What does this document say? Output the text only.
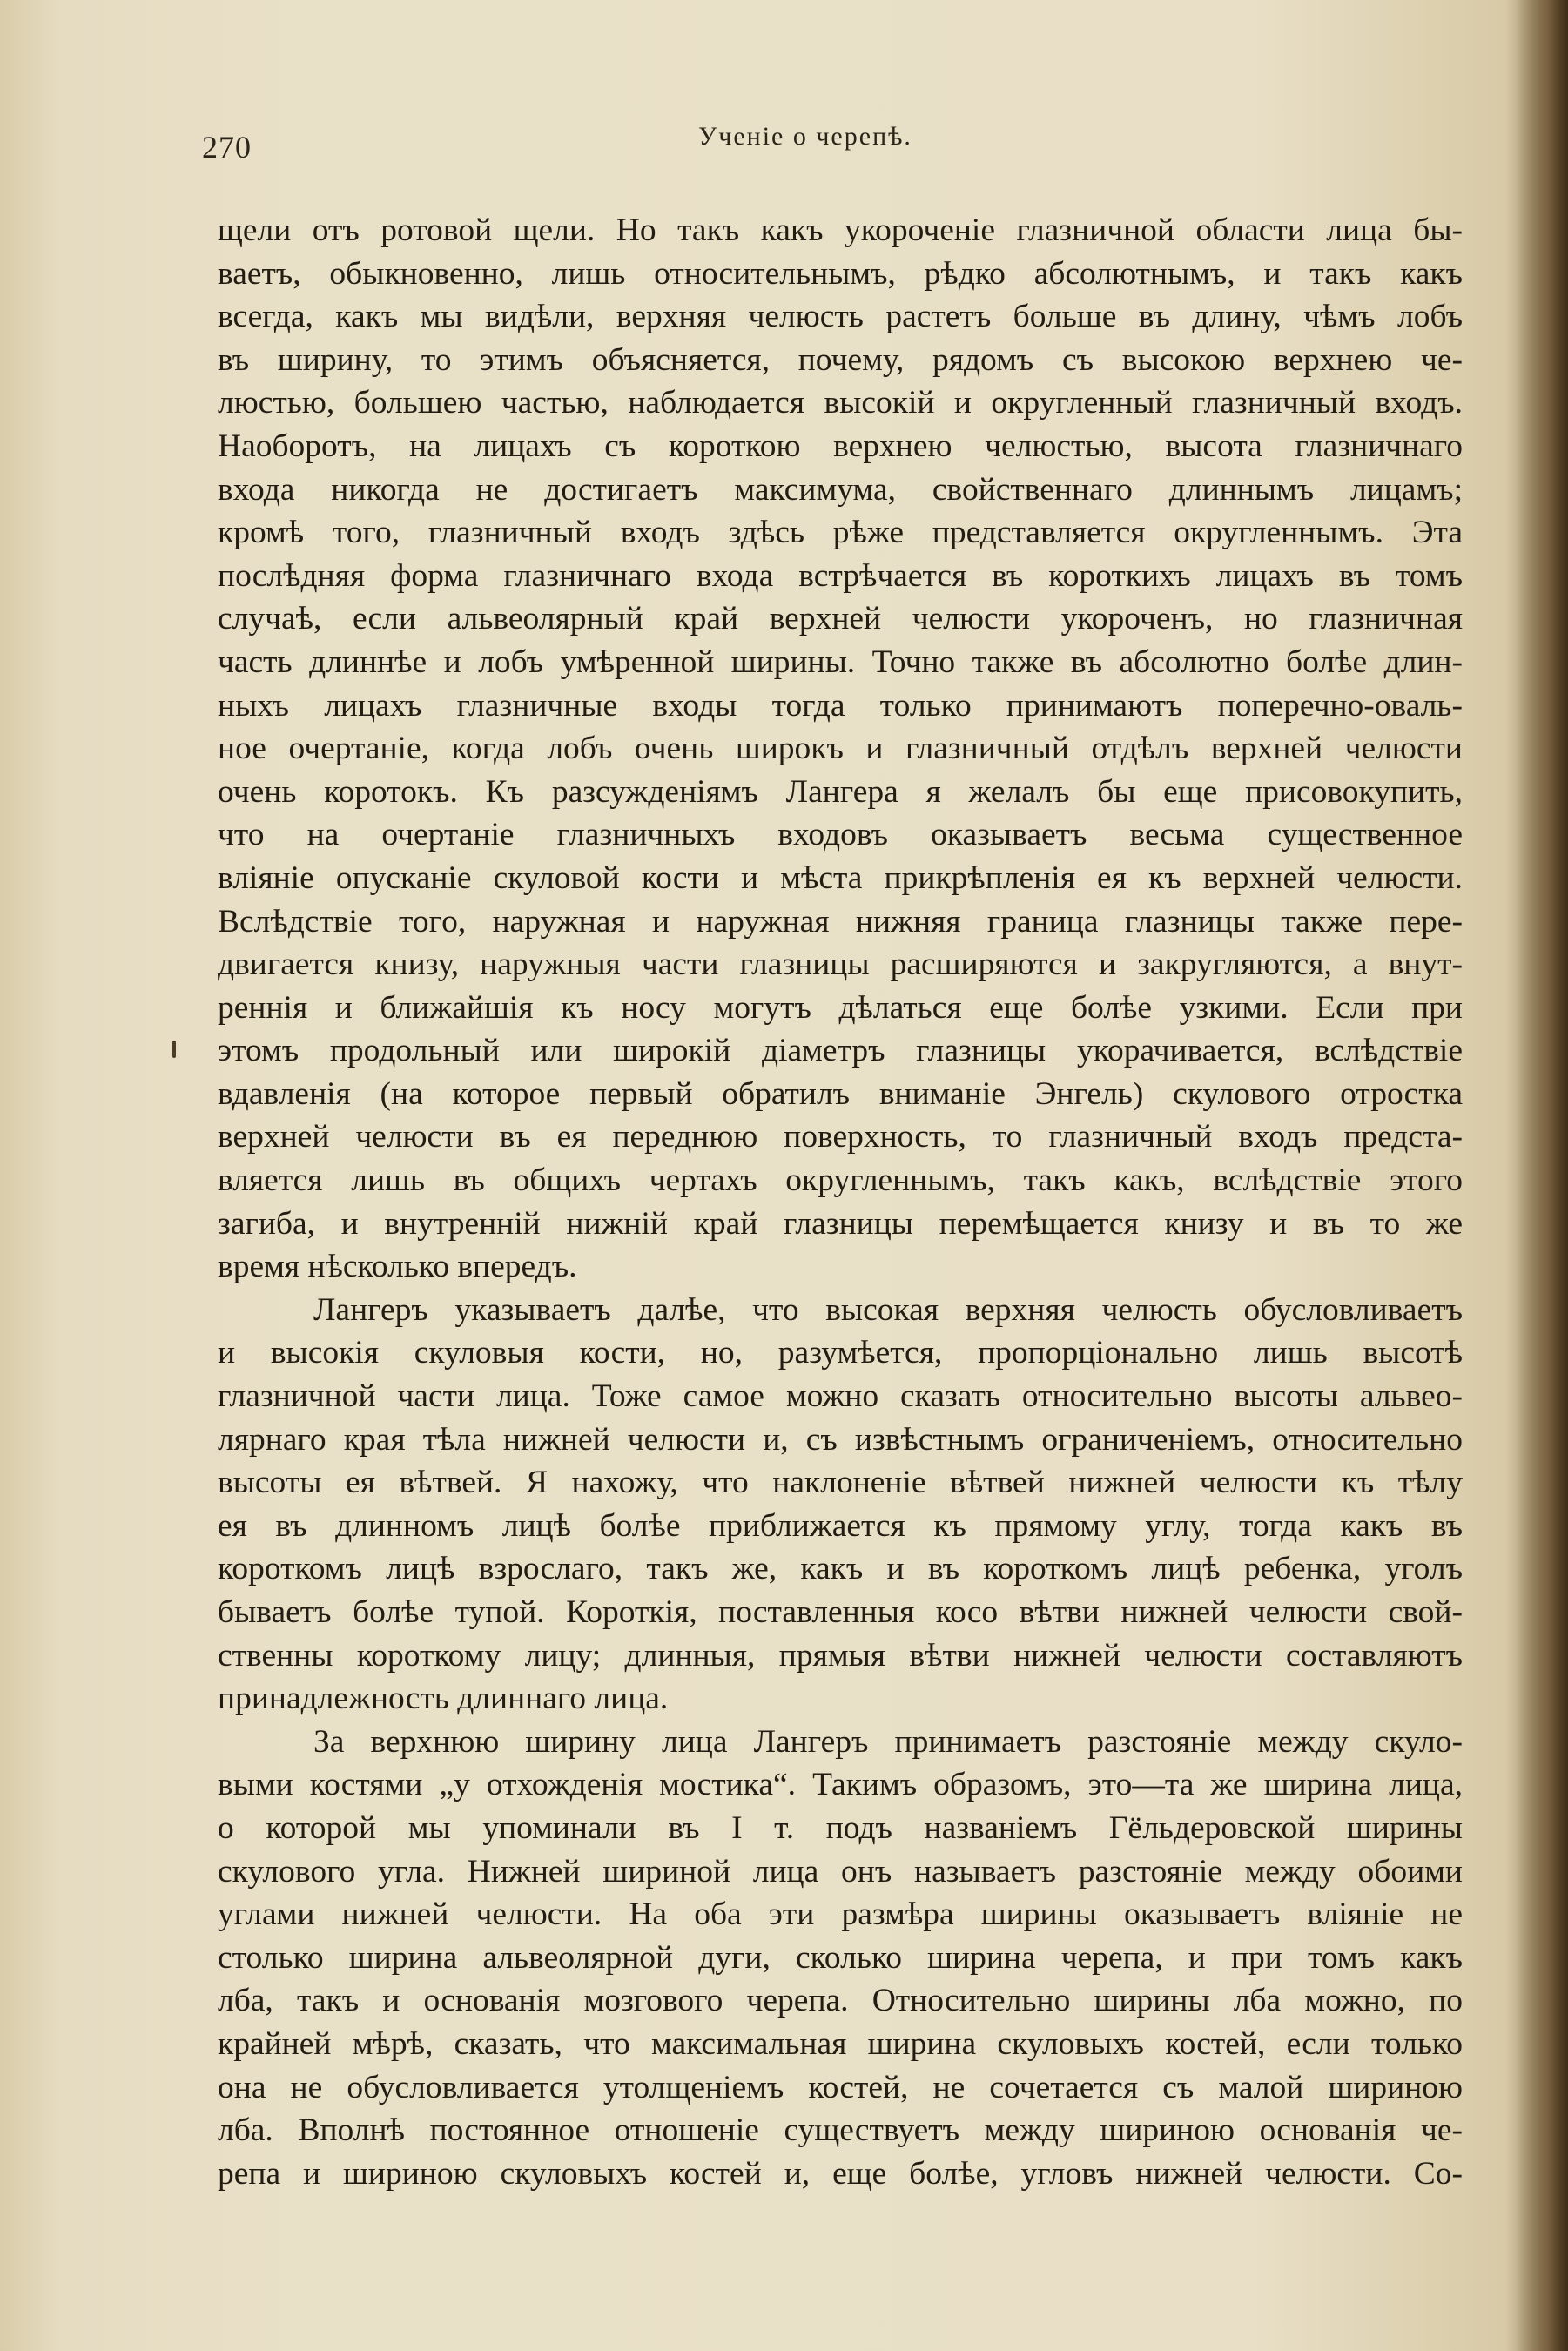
270	Ученіе о черепѣ.

щели отъ ротовой щели. Но такъ какъ укороченіе глазничной области лица бы-
ваетъ, обыкновенно, лишь относительнымъ, рѣдко абсолютнымъ, и такъ какъ
всегда, какъ мы видѣли, верхняя челюсть растетъ больше въ длину, чѣмъ лобъ
въ ширину, то этимъ объясняется, почему, рядомъ съ высокою верхнею че-
люстью, большею частью, наблюдается высокій и округленный глазничный входъ.
Наоборотъ, на лицахъ съ короткою верхнею челюстью, высота глазничнаго
входа никогда не достигаетъ максимума, свойственнаго длиннымъ лицамъ;
кромѣ того, глазничный входъ здѣсь рѣже представляется округленнымъ. Эта
послѣдняя форма глазничнаго входа встрѣчается въ короткихъ лицахъ въ томъ
случаѣ, если альвеолярный край верхней челюсти укороченъ, но глазничная
часть длиннѣе и лобъ умѣренной ширины. Точно также въ абсолютно болѣе длин-
ныхъ лицахъ глазничные входы тогда только принимаютъ поперечно-оваль-
ное очертаніе, когда лобъ очень широкъ и глазничный отдѣлъ верхней челюсти
очень коротокъ. Къ разсужденіямъ Лангера я желалъ бы еще присовокупить,
что на очертаніе глазничныхъ входовъ оказываетъ весьма существенное
вліяніе опусканіе скуловой кости и мѣста прикрѣпленія ея къ верхней челюсти.
Вслѣдствіе того, наружная и наружная нижняя граница глазницы также пере-
двигается книзу, наружныя части глазницы расширяются и закругляются, а внут-
реннія и ближайшія къ носу могутъ дѣлаться еще болѣе узкими. Если при
этомъ продольный или широкій діаметръ глазницы укорачивается, вслѣдствіе
вдавленія (на которое первый обратилъ вниманіе Энгель) скулового отростка
верхней челюсти въ ея переднюю поверхность, то глазничный входъ предста-
вляется лишь въ общихъ чертахъ округленнымъ, такъ какъ, вслѣдствіе этого
загиба, и внутренній нижній край глазницы перемѣщается книзу и въ то же
время нѣсколько впередъ.

Лангеръ указываетъ далѣе, что высокая верхняя челюсть обусловливаетъ
и высокія скуловыя кости, но, разумѣется, пропорціонально лишь высотѣ
глазничной части лица. Тоже самое можно сказать относительно высоты альвео-
лярнаго края тѣла нижней челюсти и, съ извѣстнымъ ограниченіемъ, относительно
высоты ея вѣтвей. Я нахожу, что наклоненіе вѣтвей нижней челюсти къ тѣлу
ея въ длинномъ лицѣ болѣе приближается къ прямому углу, тогда какъ въ
короткомъ лицѣ взрослаго, такъ же, какъ и въ короткомъ лицѣ ребенка, уголъ
бываетъ болѣе тупой. Короткія, поставленныя косо вѣтви нижней челюсти свой-
ственны короткому лицу; длинныя, прямыя вѣтви нижней челюсти составляютъ
принадлежность длиннаго лица.

За верхнюю ширину лица Лангеръ принимаетъ разстояніе между скуло-
выми костями „у отхожденія мостика“. Такимъ образомъ, это—та же ширина лица,
о которой мы упоминали въ I т. подъ названіемъ Гёльдеровской ширины
скулового угла. Нижней шириной лица онъ называетъ разстояніе между обоими
углами нижней челюсти. На оба эти размѣра ширины оказываетъ вліяніе не
столько ширина альвеолярной дуги, сколько ширина черепа, и при томъ какъ
лба, такъ и основанія мозгового черепа. Относительно ширины лба можно, по
крайней мѣрѣ, сказать, что максимальная ширина скуловыхъ костей, если только
она не обусловливается утолщеніемъ костей, не сочетается съ малой шириною
лба. Вполнѣ постоянное отношеніе существуетъ между шириною основанія че-
репа и шириною скуловыхъ костей и, еще болѣе, угловъ нижней челюсти. Со-
